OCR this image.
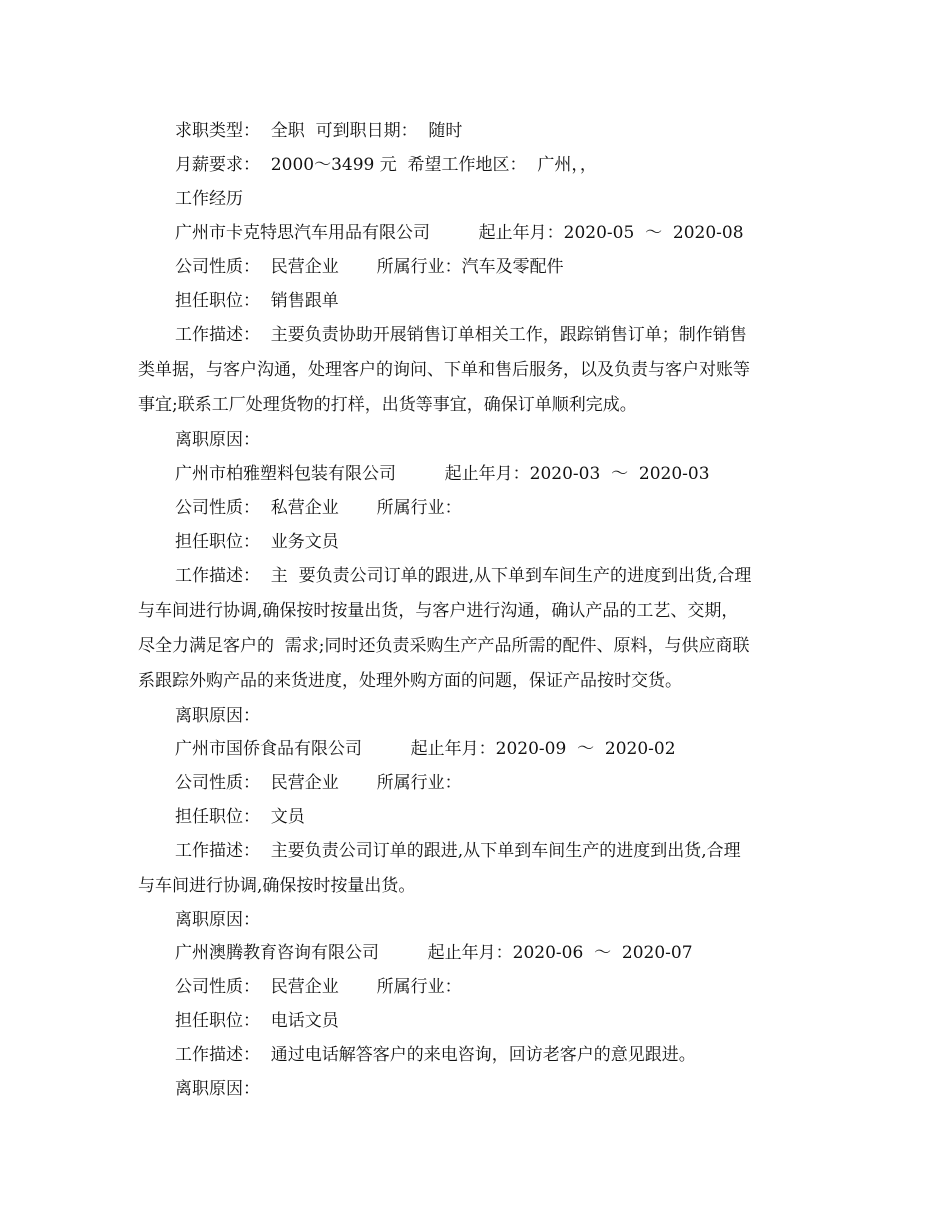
求职类型：  全职  可到职日期：  随时
月薪要求：  2000～3499 元  希望工作地区：  广州，，
工作经历
广州市卡克特思汽车用品有限公司         起止年月：2020-05  ～  2020-08
公司性质：  民营企业       所属行业：汽车及零配件
担任职位：  销售跟单
工作描述：  主要负责协助开展销售订单相关工作，跟踪销售订单；制作销售
类单据，与客户沟通，处理客户的询问、下单和售后服务，以及负责与客户对账等
事宜;联系工厂处理货物的打样，出货等事宜，确保订单顺利完成。
离职原因：
广州市柏雅塑料包装有限公司         起止年月：2020-03  ～  2020-03
公司性质：  私营企业       所属行业：
担任职位：  业务文员
工作描述：  主  要负责公司订单的跟进,从下单到车间生产的进度到出货,合理
与车间进行协调,确保按时按量出货，与客户进行沟通，确认产品的工艺、交期，
尽全力满足客户的  需求;同时还负责采购生产产品所需的配件、原料，与供应商联
系跟踪外购产品的来货进度，处理外购方面的问题，保证产品按时交货。
离职原因：
广州市国侨食品有限公司         起止年月：2020-09  ～  2020-02
公司性质：  民营企业       所属行业：
担任职位：  文员
工作描述：  主要负责公司订单的跟进,从下单到车间生产的进度到出货,合理
与车间进行协调,确保按时按量出货。
离职原因：
广州澳腾教育咨询有限公司         起止年月：2020-06  ～  2020-07
公司性质：  民营企业       所属行业：
担任职位：  电话文员
工作描述：  通过电话解答客户的来电咨询，回访老客户的意见跟进。
离职原因：
